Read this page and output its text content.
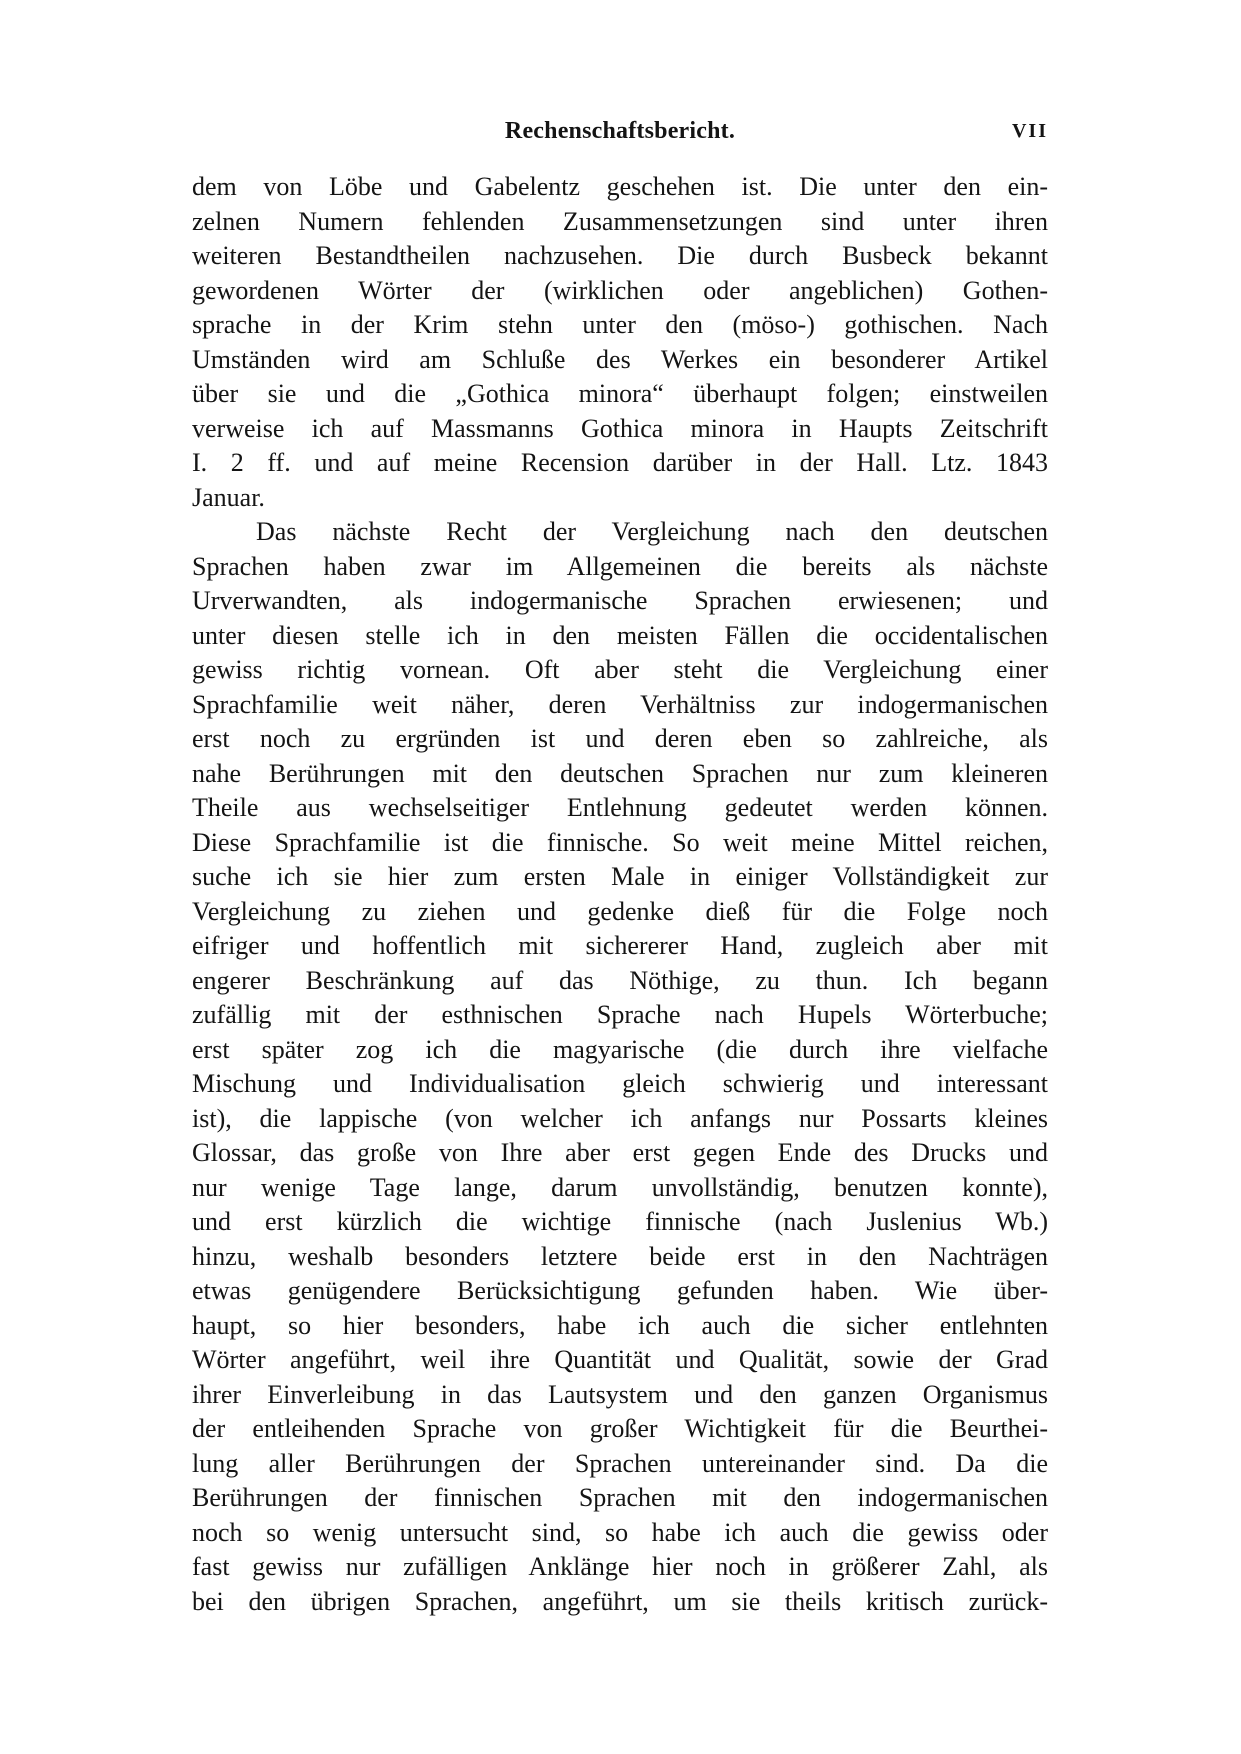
Rechenschaftsbericht.	VII
dem von Löbe und Gabelentz geschehen ist. Die unter den ein-
zelnen Numern fehlenden Zusammensetzungen sind unter ihren
weiteren Bestandtheilen nachzusehen. Die durch Busbeck bekannt
gewordenen Wörter der (wirklichen oder angeblichen) Gothen-
sprache in der Krim stehn unter den (möso-) gothischen. Nach
Umständen wird am Schluße des Werkes ein besonderer Artikel
über sie und die „Gothica minora“ überhaupt folgen; einstweilen
verweise ich auf Massmanns Gothica minora in Haupts Zeitschrift
I. 2 ff. und auf meine Recension darüber in der Hall. Ltz. 1843
Januar.
Das nächste Recht der Vergleichung nach den deutschen
Sprachen haben zwar im Allgemeinen die bereits als nächste
Urverwandten, als indogermanische Sprachen erwiesenen; und
unter diesen stelle ich in den meisten Fällen die occidentalischen
gewiss richtig vornean. Oft aber steht die Vergleichung einer
Sprachfamilie weit näher, deren Verhältniss zur indogermanischen
erst noch zu ergründen ist und deren eben so zahlreiche, als
nahe Berührungen mit den deutschen Sprachen nur zum kleineren
Theile aus wechselseitiger Entlehnung gedeutet werden können.
Diese Sprachfamilie ist die finnische. So weit meine Mittel reichen,
suche ich sie hier zum ersten Male in einiger Vollständigkeit zur
Vergleichung zu ziehen und gedenke dieß für die Folge noch
eifriger und hoffentlich mit sichererer Hand, zugleich aber mit
engerer Beschränkung auf das Nöthige, zu thun. Ich begann
zufällig mit der esthnischen Sprache nach Hupels Wörterbuche;
erst später zog ich die magyarische (die durch ihre vielfache
Mischung und Individualisation gleich schwierig und interessant
ist), die lappische (von welcher ich anfangs nur Possarts kleines
Glossar, das große von Ihre aber erst gegen Ende des Drucks und
nur wenige Tage lange, darum unvollständig, benutzen konnte),
und erst kürzlich die wichtige finnische (nach Juslenius Wb.)
hinzu, weshalb besonders letztere beide erst in den Nachträgen
etwas genügendere Berücksichtigung gefunden haben. Wie über-
haupt, so hier besonders, habe ich auch die sicher entlehnten
Wörter angeführt, weil ihre Quantität und Qualität, sowie der Grad
ihrer Einverleibung in das Lautsystem und den ganzen Organismus
der entleihenden Sprache von großer Wichtigkeit für die Beurthei-
lung aller Berührungen der Sprachen untereinander sind. Da die
Berührungen der finnischen Sprachen mit den indogermanischen
noch so wenig untersucht sind, so habe ich auch die gewiss oder
fast gewiss nur zufälligen Anklänge hier noch in größerer Zahl, als
bei den übrigen Sprachen, angeführt, um sie theils kritisch zurück-
